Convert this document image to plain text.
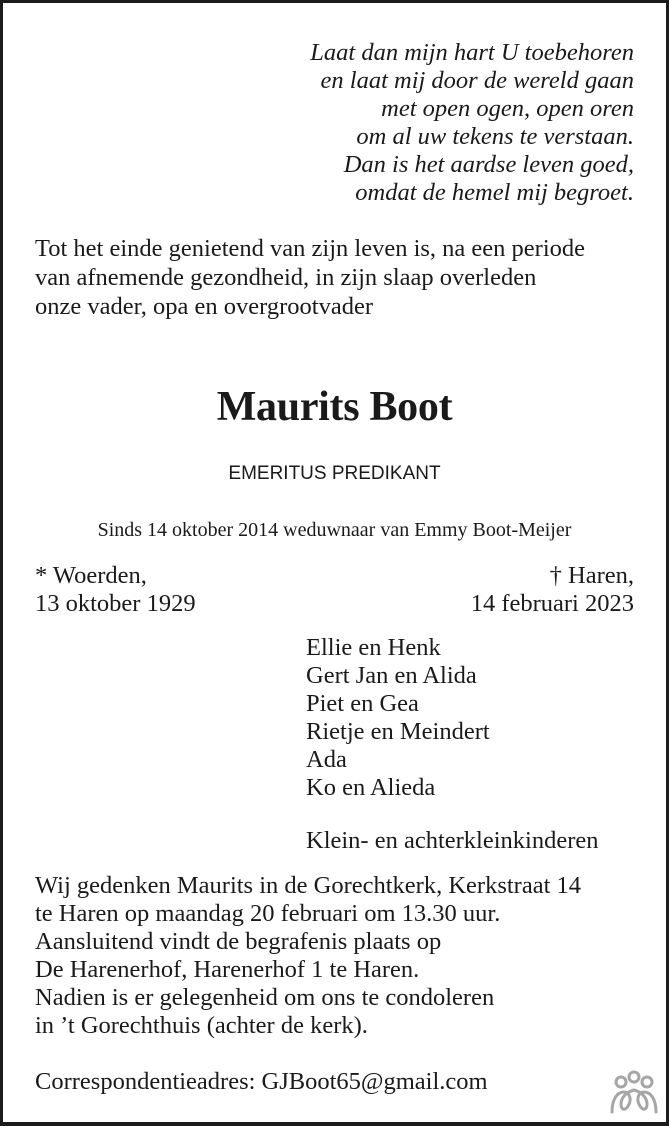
Laat dan mijn hart U toebehoren
en laat mij door de wereld gaan
met open ogen, open oren
om al uw tekens te verstaan.
Dan is het aardse leven goed,
omdat de hemel mij begroet.
Tot het einde genietend van zijn leven is, na een periode
van afnemende gezondheid, in zijn slaap overleden
onze vader, opa en overgrootvader
Maurits Boot
EMERITUS PREDIKANT
Sinds 14 oktober 2014 weduwnaar van Emmy Boot-Meijer
* Woerden,
13 oktober 1929
† Haren,
14 februari 2023
Ellie en Henk
Gert Jan en Alida
Piet en Gea
Rietje en Meindert
Ada
Ko en Alieda
Klein- en achterkleinkinderen
Wij gedenken Maurits in de Gorechtkerk, Kerkstraat 14
te Haren op maandag 20 februari om 13.30 uur.
Aansluitend vindt de begrafenis plaats op
De Harenerhof, Harenerhof 1 te Haren.
Nadien is er gelegenheid om ons te condoleren
in ’t Gorechthuis (achter de kerk).
Correspondentieadres: GJBoot65@gmail.com
